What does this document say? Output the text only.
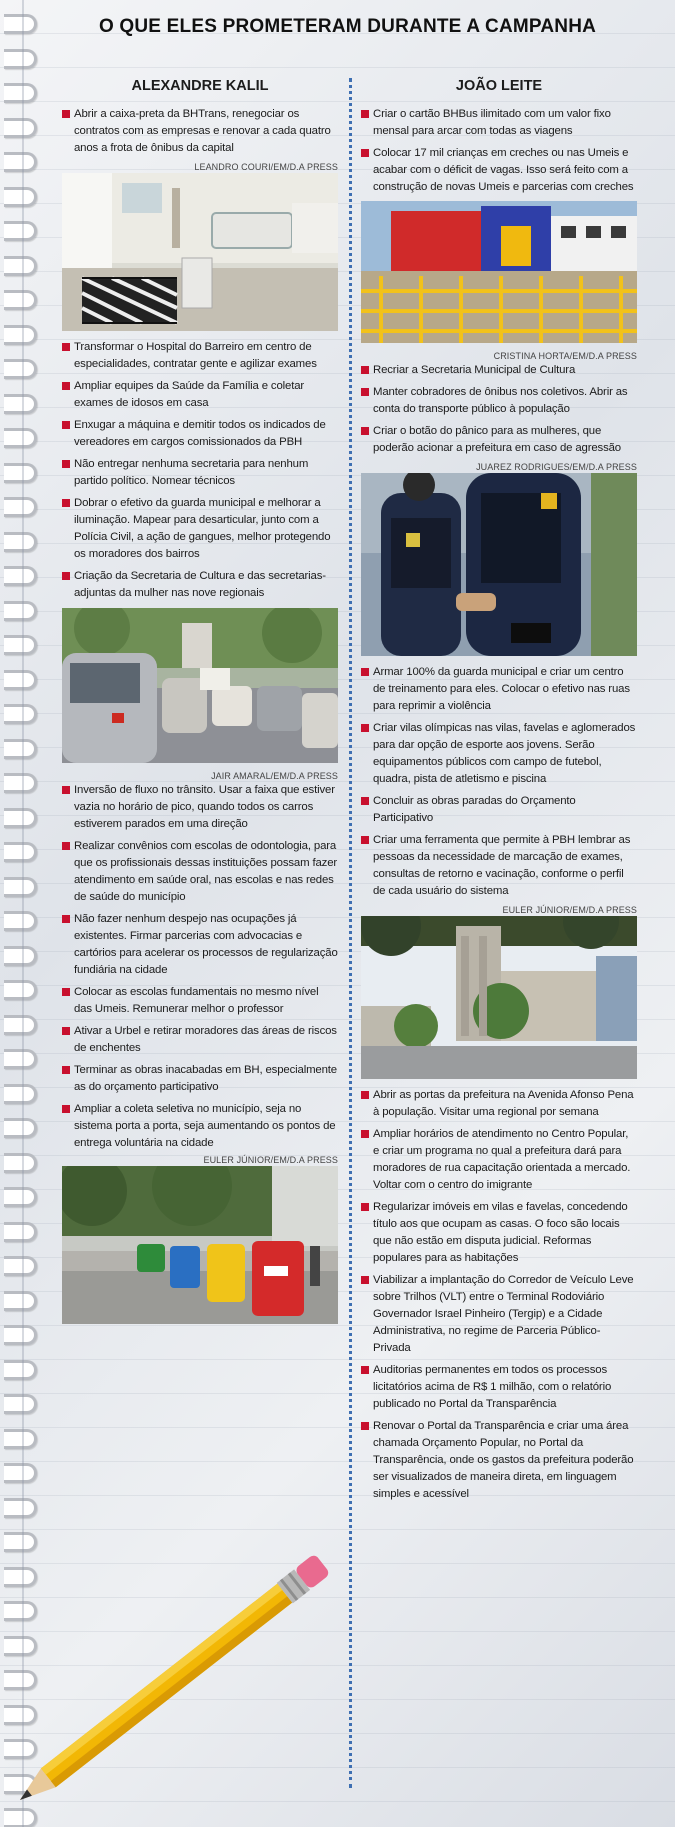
O QUE ELES PROMETERAM DURANTE A CAMPANHA
ALEXANDRE KALIL
Abrir a caixa-preta da BHTrans, renegociar os contratos com as empresas e renovar a cada quatro anos a frota de ônibus da capital
LEANDRO COURI/EM/D.A PRESS
Transformar o Hospital do Barreiro em centro de especialidades, contratar gente e agilizar exames
Ampliar equipes da Saúde da Família e coletar exames de idosos em casa
Enxugar a máquina e demitir todos os indicados de vereadores em cargos comissionados da PBH
Não entregar nenhuma secretaria para nenhum partido político. Nomear técnicos
Dobrar o efetivo da guarda municipal e melhorar a iluminação. Mapear para desarticular, junto com a Polícia Civil, a ação de gangues, melhor protegendo os moradores dos bairros
Criação da Secretaria de Cultura e das secretarias-adjuntas da mulher nas nove regionais
JAIR AMARAL/EM/D.A PRESS
Inversão de fluxo no trânsito. Usar a faixa que estiver vazia no horário de pico, quando todos os carros estiverem parados em uma direção
Realizar convênios com escolas de odontologia, para que os profissionais dessas instituições possam fazer atendimento em saúde oral, nas escolas e nas redes de saúde do município
Não fazer nenhum despejo nas ocupações já existentes. Firmar parcerias com advocacias e cartórios para acelerar os processos de regularização fundiária na cidade
Colocar as escolas fundamentais no mesmo nível das Umeis. Remunerar melhor o professor
Ativar a Urbel e retirar moradores das áreas de riscos de enchentes
Terminar as obras inacabadas em BH, especialmente as do orçamento participativo
Ampliar a coleta seletiva no município, seja no sistema porta a porta, seja aumentando os pontos de entrega voluntária na cidade
EULER JÚNIOR/EM/D.A PRESS
JOÃO LEITE
Criar o cartão BHBus ilimitado com um valor fixo mensal para arcar com todas as viagens
Colocar 17 mil crianças em creches ou nas Umeis e acabar com o déficit de vagas. Isso será feito com a construção de novas Umeis e parcerias com creches
CRISTINA HORTA/EM/D.A PRESS
Recriar a Secretaria Municipal de Cultura
Manter cobradores de ônibus nos coletivos. Abrir as conta do transporte público à população
Criar o botão do pânico para as mulheres, que poderão acionar a prefeitura em caso de agressão
JUAREZ RODRIGUES/EM/D.A PRESS
Armar 100% da guarda municipal e criar um centro de treinamento para eles. Colocar o efetivo nas ruas para reprimir a violência
Criar vilas olímpicas nas vilas, favelas e aglomerados para dar opção de esporte aos jovens. Serão equipamentos públicos com campo de futebol, quadra, pista de atletismo e piscina
Concluir as obras paradas do Orçamento Participativo
Criar uma ferramenta que permite à PBH lembrar as pessoas da necessidade de marcação de exames, consultas de retorno e vacinação, conforme o perfil de cada usuário do sistema
EULER JÚNIOR/EM/D.A PRESS
Abrir as portas da prefeitura na Avenida Afonso Pena à população. Visitar uma regional por semana
Ampliar horários de atendimento no Centro Popular, e criar um programa no qual a prefeitura dará para moradores de rua capacitação orientada a mercado. Voltar com o centro do imigrante
Regularizar imóveis em vilas e favelas, concedendo título aos que ocupam as casas. O foco são locais que não estão em disputa judicial. Reformas populares para as habitações
Viabilizar a implantação do Corredor de Veículo Leve sobre Trilhos (VLT) entre o Terminal Rodoviário Governador Israel Pinheiro (Tergip) e a Cidade Administrativa, no regime de Parceria Público-Privada
Auditorias permanentes em todos os processos licitatórios acima de R$ 1 milhão, com o relatório publicado no Portal da Transparência
Renovar o Portal da Transparência e criar uma área chamada Orçamento Popular, no Portal da Transparência, onde os gastos da prefeitura poderão ser visualizados de maneira direta, em linguagem simples e acessível
